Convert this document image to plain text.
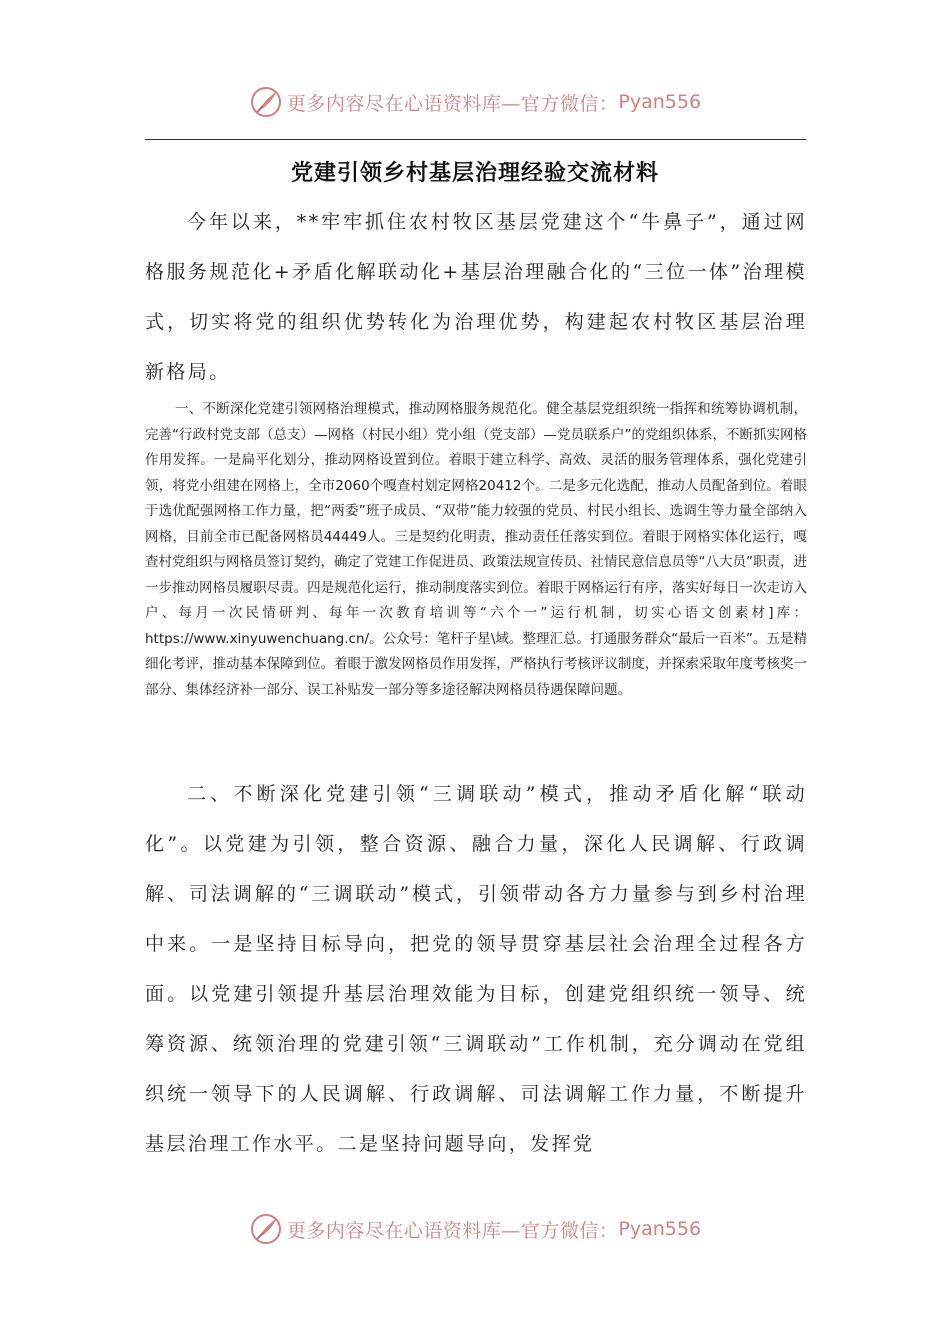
更多内容尽在心语资料库—官方微信： Pyan556
党建引领乡村基层治理经验交流材料

今年以来，**牢牢抓住农村牧区基层党建这个“牛鼻子”，通过网格服务规范化+矛盾化解联动化+基层治理融合化的“三位一体”治理模式，切实将党的组织优势转化为治理优势，构建起农村牧区基层治理新格局。

一、不断深化党建引领网格治理模式，推动网格服务规范化。健全基层党组织统一指挥和统筹协调机制，完善“行政村党支部（总支）—网格（村民小组）党小组（党支部）—党员联系户”的党组织体系，不断抓实网格作用发挥。一是扁平化划分，推动网格设置到位。着眼于建立科学、高效、灵活的服务管理体系，强化党建引领，将党小组建在网格上，全市2060个嘎查村划定网格20412个。二是多元化选配，推动人员配备到位。着眼于选优配强网格工作力量，把“两委”班子成员、“双带”能力较强的党员、村民小组长、选调生等力量全部纳入网格，目前全市已配备网格员44449人。三是契约化明责，推动责任任落实到位。着眼于网格实体化运行，嘎查村党组织与网格员签订契约，确定了党建工作促进员、政策法规宣传员、社情民意信息员等“八大员”职责，进一步推动网格员履职尽责。四是规范化运行，推动制度落实到位。着眼于网格运行有序，落实好每日一次走访入户、每月一次民情研判、每年一次教育培训等“六个一”运行机制，切实心语文创素材]库：https://www.xinyuwenchuang.cn/。公众号：笔杆子星\域。整理汇总。打通服务群众“最后一百米”。五是精细化考评，推动基本保障到位。着眼于激发网格员作用发挥，严格执行考核评议制度，并探索采取年度考核奖一部分、集体经济补一部分、误工补贴发一部分等多途径解决网格员待遇保障问题。

二、不断深化党建引领“三调联动”模式，推动矛盾化解“联动化”。以党建为引领，整合资源、融合力量，深化人民调解、行政调解、司法调解的“三调联动”模式，引领带动各方力量参与到乡村治理中来。一是坚持目标导向，把党的领导贯穿基层社会治理全过程各方面。以党建引领提升基层治理效能为目标，创建党组织统一领导、统筹资源、统领治理的党建引领“三调联动”工作机制，充分调动在党组织统一领导下的人民调解、行政调解、司法调解工作力量，不断提升基层治理工作水平。二是坚持问题导向，发挥党

更多内容尽在心语资料库—官方微信： Pyan556
